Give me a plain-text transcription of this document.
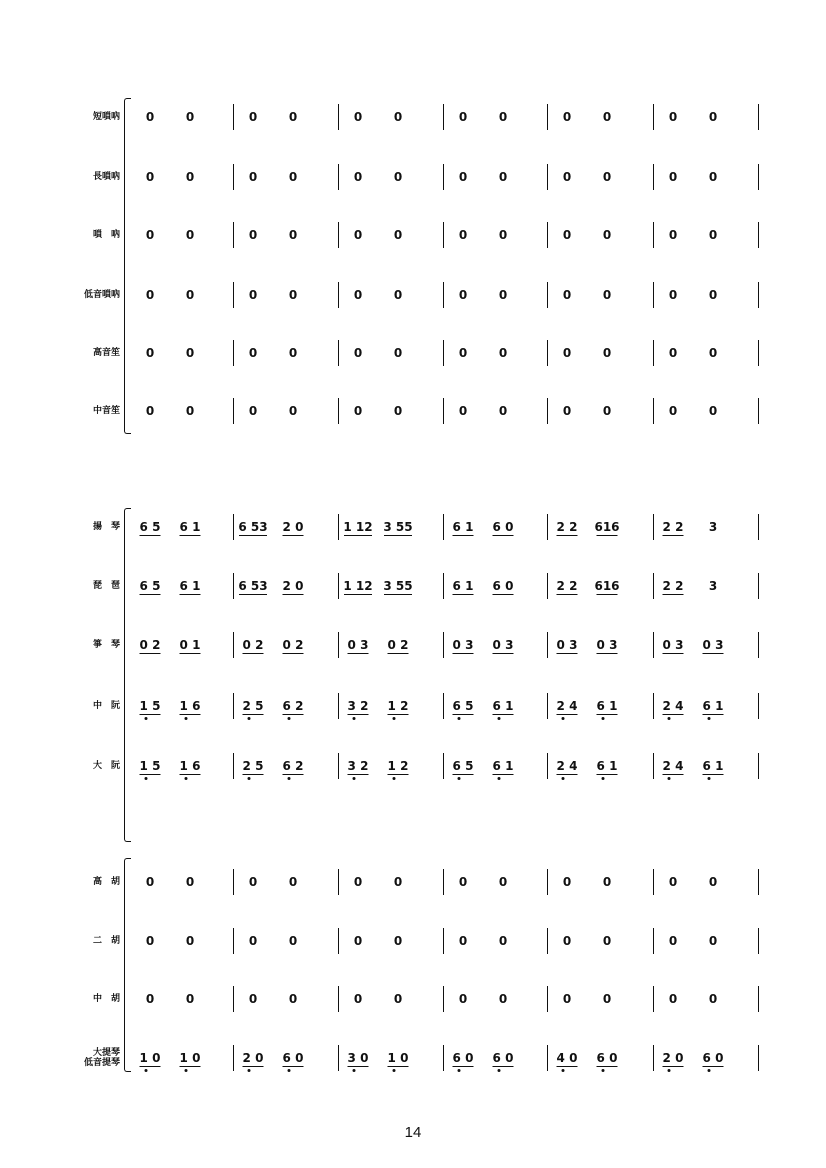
短嗩吶 0	0	0	0	0	0	0	0	0	0	0	0
長嗩吶 0	0	0	0	0	0	0	0	0	0	0	0
嗩　吶 0	0	0	0	0	0	0	0	0	0	0	0
低音嗩吶 0	0	0	0	0	0	0	0	0	0	0	0
高音笙 0	0	0	0	0	0	0	0	0	0	0	0
中音笙 0	0	0	0	0	0	0	0	0	0	0	0
揚　琴 6 5 6 1	6 53 2 0	1 12 3 55	6 1 6 0	2 2 616	2 2 3
琵　琶 6 5 6 1	6 53 2 0	1 12 3 55	6 1 6 0	2 2 616	2 2 3
箏　琴 0 2 0 1	0 2 0 2	0 3 0 2	0 3 0 3	0 3 0 3	0 3 0 3
中　阮 1 5 1 6	2 5 6 2	3 2 1 2	6 5 6 1	2 4 6 1	2 4 6 1
大　阮 1 5 1 6	2 5 6 2	3 2 1 2	6 5 6 1	2 4 6 1	2 4 6 1
高　胡 0	0	0	0	0	0	0	0	0	0	0	0
二　胡 0	0	0	0	0	0	0	0	0	0	0	0
中　胡 0	0	0	0	0	0	0	0	0	0	0	0
大提琴
低音提琴 1 0 1 0	2 0 6 0	3 0 1 0	6 0 6 0	4 0 6 0	2 0 6 0
14
